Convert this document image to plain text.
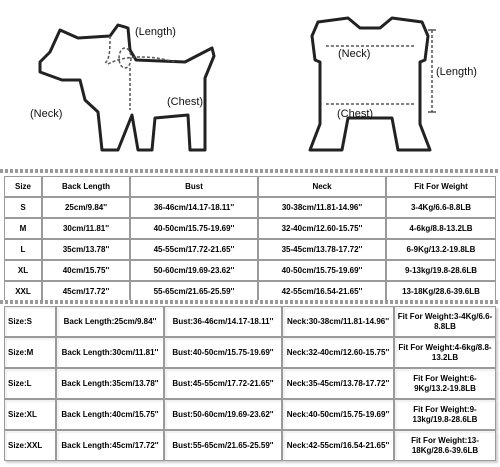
(Length)
(Neck)
(Chest)
(Neck)
(Length)
(Chest)
Size	Back Length	Bust	Neck	Fit For Weight
S	25cm/9.84''	36-46cm/14.17-18.11''	30-38cm/11.81-14.96''	3-4Kg/6.6-8.8LB
M	30cm/11.81''	40-50cm/15.75-19.69''	32-40cm/12.60-15.75''	4-6kg/8.8-13.2LB
L	35cm/13.78''	45-55cm/17.72-21.65''	35-45cm/13.78-17.72''	6-9Kg/13.2-19.8LB
XL	40cm/15.75''	50-60cm/19.69-23.62''	40-50cm/15.75-19.69''	9-13kg/19.8-28.6LB
XXL	45cm/17.72''	55-65cm/21.65-25.59''	42-55cm/16.54-21.65''	13-18Kg/28.6-39.6LB
Size:S	Back Length:25cm/9.84''	Bust:36-46cm/14.17-18.11''	Neck:30-38cm/11.81-14.96''	Fit For Weight:3-4Kg/6.6-8.8LB
Size:M	Back Length:30cm/11.81''	Bust:40-50cm/15.75-19.69''	Neck:32-40cm/12.60-15.75''	Fit For Weight:4-6kg/8.8-13.2LB
Size:L	Back Length:35cm/13.78''	Bust:45-55cm/17.72-21.65''	Neck:35-45cm/13.78-17.72''	Fit For Weight:6-9Kg/13.2-19.8LB
Size:XL	Back Length:40cm/15.75''	Bust:50-60cm/19.69-23.62''	Neck:40-50cm/15.75-19.69''	Fit For Weight:9-13kg/19.8-28.6LB
Size:XXL	Back Length:45cm/17.72''	Bust:55-65cm/21.65-25.59''	Neck:42-55cm/16.54-21.65''	Fit For Weight:13-18Kg/28.6-39.6LB
